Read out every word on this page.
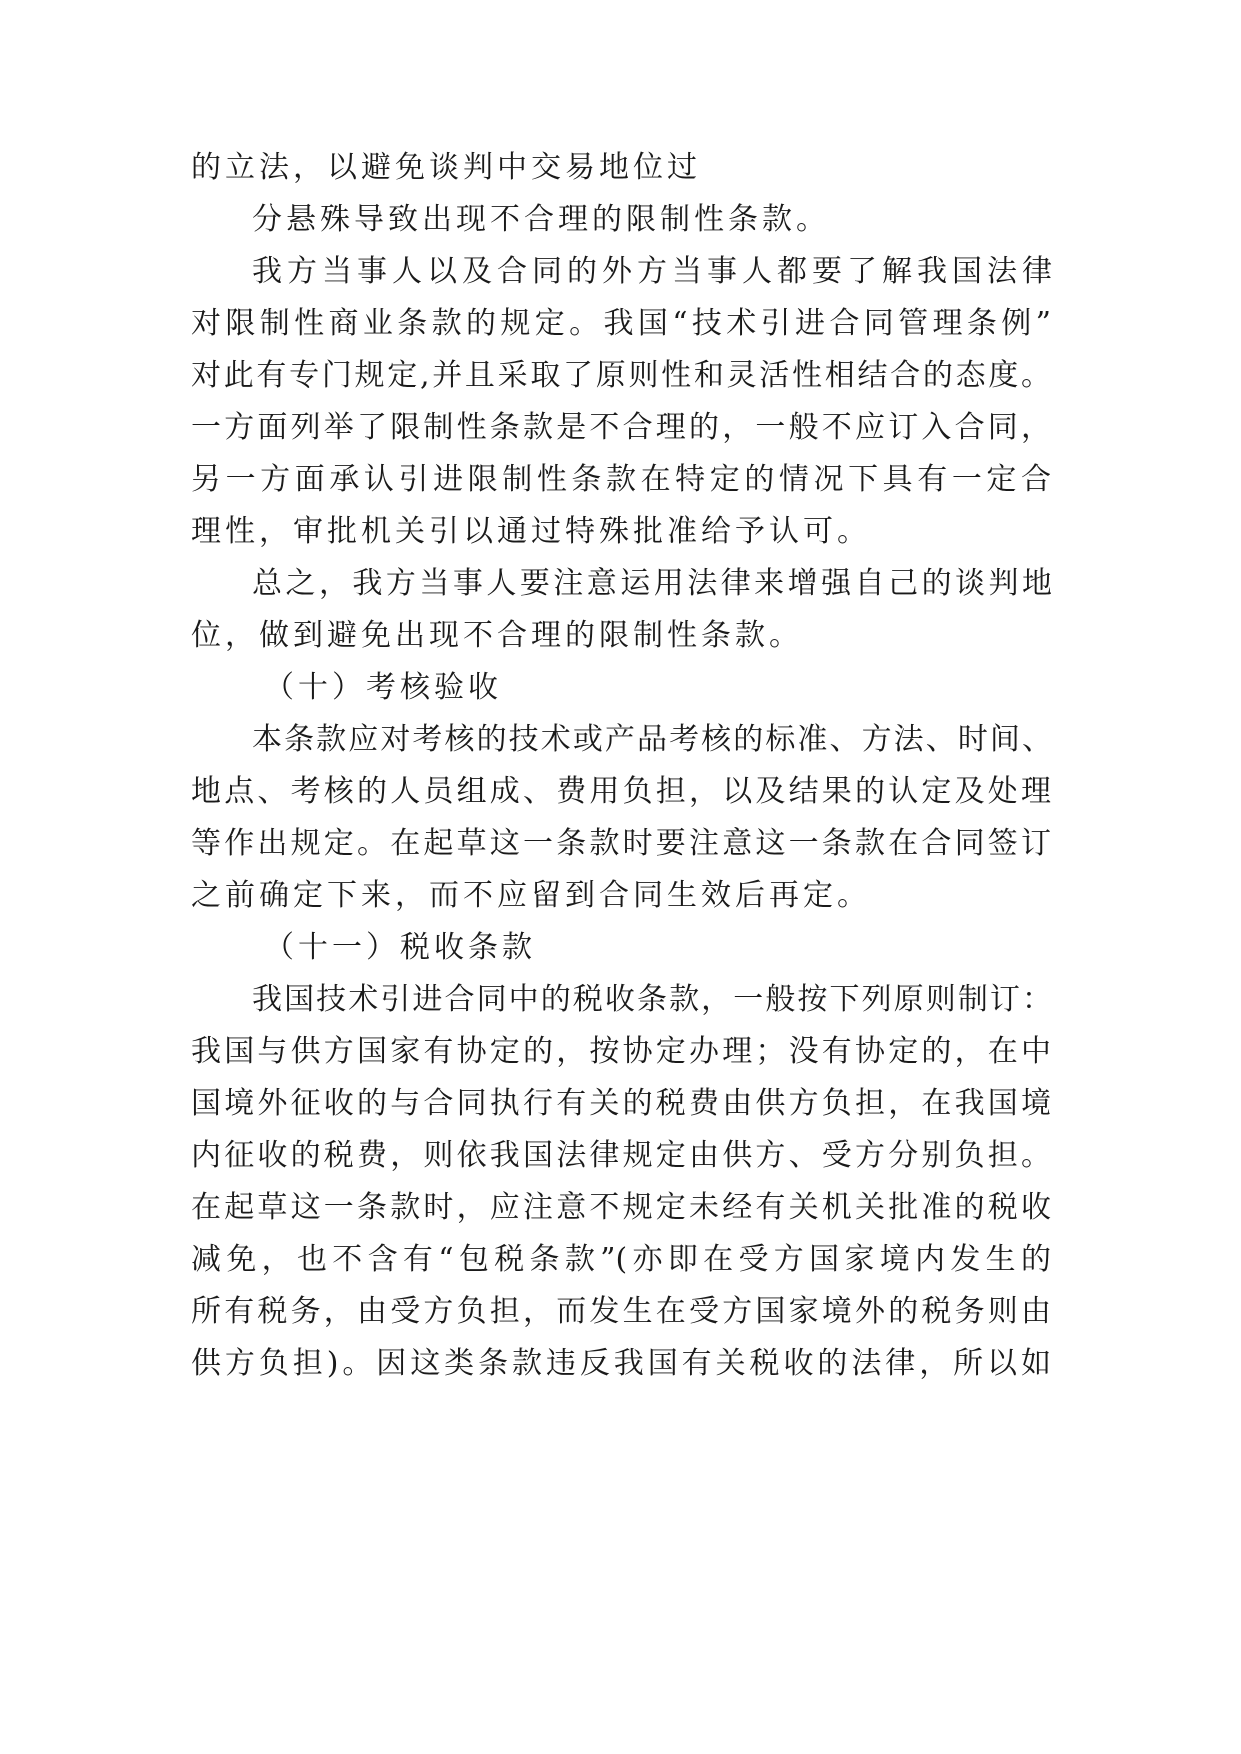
的立法，以避免谈判中交易地位过

分悬殊导致出现不合理的限制性条款。

我方当事人以及合同的外方当事人都要了解我国法律

对限制性商业条款的规定。我国“技术引进合同管理条例”

对此有专门规定,并且采取了原则性和灵活性相结合的态度。

一方面列举了限制性条款是不合理的，一般不应订入合同，

另一方面承认引进限制性条款在特定的情况下具有一定合

理性，审批机关引以通过特殊批准给予认可。

总之，我方当事人要注意运用法律来增强自己的谈判地

位，做到避免出现不合理的限制性条款。

（十）考核验收

本条款应对考核的技术或产品考核的标准、方法、时间、

地点、考核的人员组成、费用负担，以及结果的认定及处理

等作出规定。在起草这一条款时要注意这一条款在合同签订

之前确定下来，而不应留到合同生效后再定。

（十一）税收条款

我国技术引进合同中的税收条款，一般按下列原则制订：

我国与供方国家有协定的，按协定办理；没有协定的，在中

国境外征收的与合同执行有关的税费由供方负担，在我国境

内征收的税费，则依我国法律规定由供方、受方分别负担。

在起草这一条款时，应注意不规定未经有关机关批准的税收

减免，也不含有“包税条款”(亦即在受方国家境内发生的

所有税务，由受方负担，而发生在受方国家境外的税务则由

供方负担)。因这类条款违反我国有关税收的法律，所以如
